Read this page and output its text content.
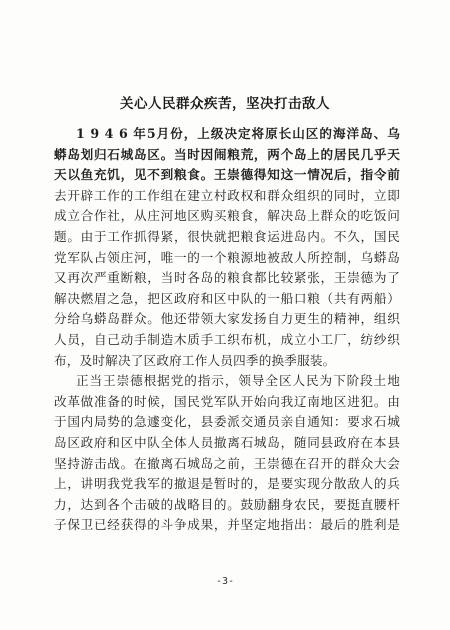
关心人民群众疾苦，坚决打击敌人
1 9 4 6 年5月份，上级决定将原长山区的海洋岛、乌
蟒岛划归石城岛区。当时因闹粮荒，两个岛上的居民几乎天
天以鱼充饥，见不到粮食。王崇德得知这一情况后，指令前
去开辟工作的工作组在建立村政权和群众组织的同时，立即
成立合作社，从庄河地区购买粮食，解决岛上群众的吃饭问
题。由于工作抓得紧，很快就把粮食运进岛内。不久，国民
党军队占领庄河，唯一的一个粮源地被敌人所控制，乌蟒岛
又再次严重断粮，当时各岛的粮食都比较紧张，王崇德为了
解决燃眉之急，把区政府和区中队的一船口粮（共有两船）
分给乌蟒岛群众。他还带领大家发扬自力更生的精神，组织
人员，自己动手制造木质手工织布机，成立小工厂，纺纱织
布，及时解决了区政府工作人员四季的换季服装。
正当王崇德根据党的指示，领导全区人民为下阶段土地
改革做准备的时候，国民党军队开始向我辽南地区进犯。由
于国内局势的急遽变化，县委派交通员亲自通知：要求石城
岛区政府和区中队全体人员撤离石城岛，随同县政府在本县
坚持游击战。在撤离石城岛之前，王崇德在召开的群众大会
上，讲明我党我军的撤退是暂时的，是要实现分散敌人的兵
力，达到各个击破的战略目的。鼓励翻身农民，要挺直腰杆
子保卫已经获得的斗争成果，并坚定地指出：最后的胜利是
-3-
